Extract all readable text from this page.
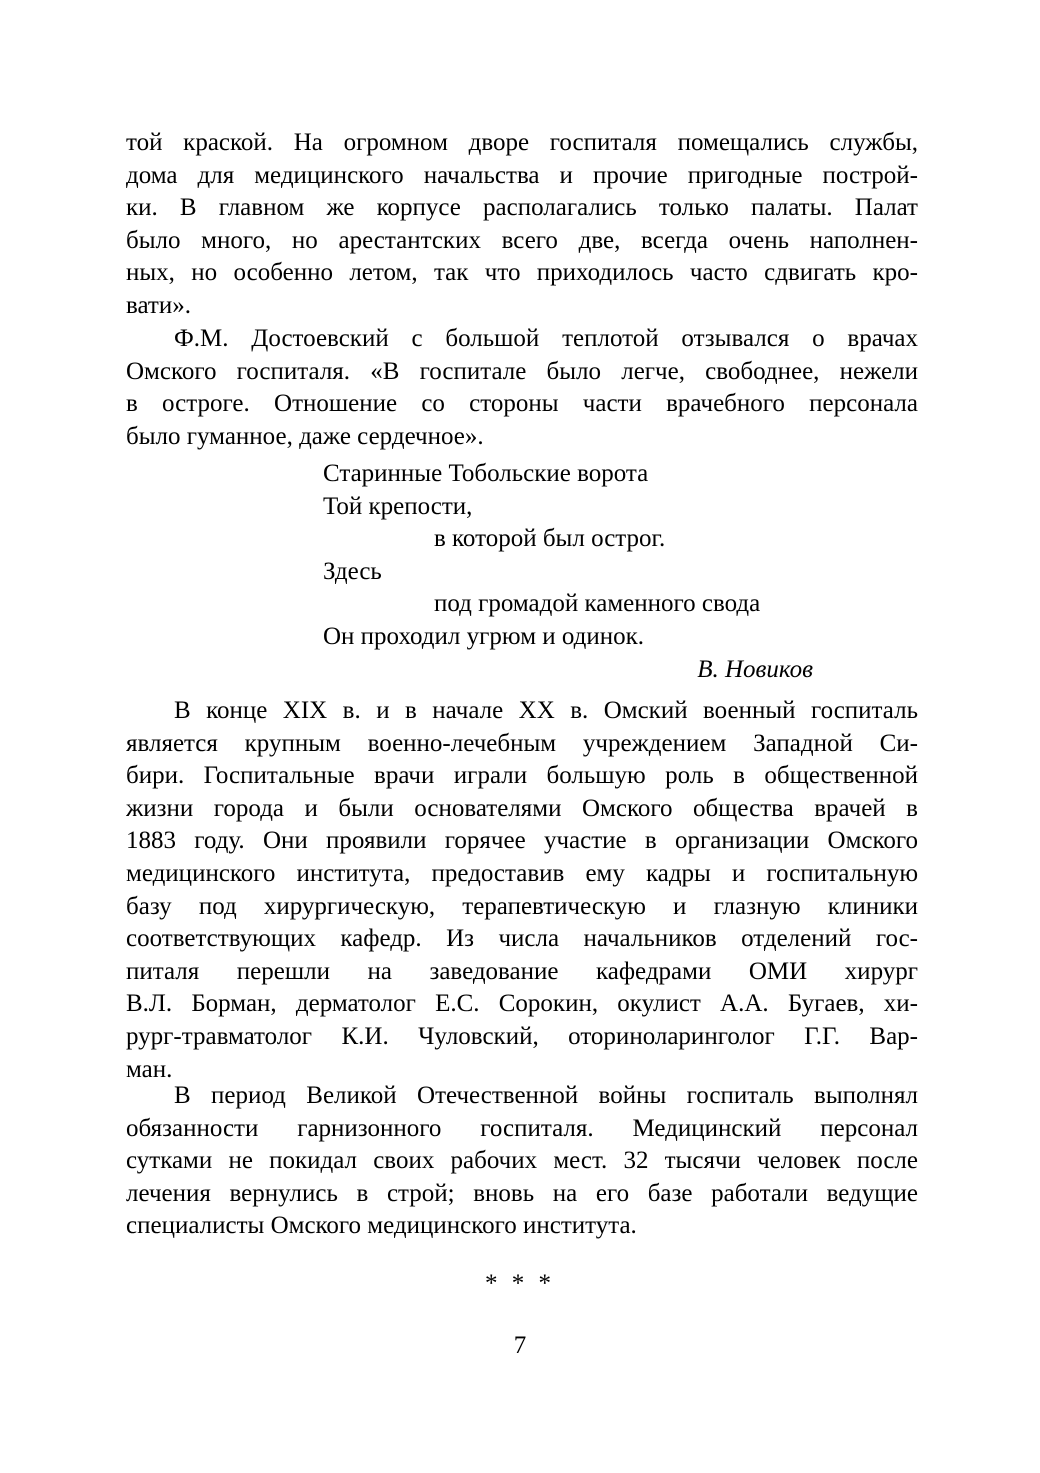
той краской. На огромном дворе госпиталя помещались службы,
дома для медицинского начальства и прочие пригодные построй-
ки. В главном же корпусе располагались только палаты. Палат
было много, но арестантских всего две, всегда очень наполнен-
ных, но особенно летом, так что приходилось часто сдвигать кро-
вати».
Ф.М. Достоевский с большой теплотой отзывался о врачах
Омского госпиталя. «В госпитале было легче, свободнее, нежели
в остроге. Отношение со стороны части врачебного персонала
было гуманное, даже сердечное».
Старинные Тобольские ворота
Той крепости,
в которой был острог.
Здесь
под громадой каменного свода
Он проходил угрюм и одинок.
В. Новиков
В конце XIX в. и в начале XX в. Омский военный госпиталь
является крупным военно-лечебным учреждением Западной Си-
бири. Госпитальные врачи играли большую роль в общественной
жизни города и были основателями Омского общества врачей в
1883 году. Они проявили горячее участие в организации Омского
медицинского института, предоставив ему кадры и госпитальную
базу под хирургическую, терапевтическую и глазную клиники
соответствующих кафедр. Из числа начальников отделений гос-
питаля перешли на заведование кафедрами ОМИ хирург
В.Л. Борман, дерматолог Е.С. Сорокин, окулист А.А. Бугаев, хи-
рург-травматолог К.И. Чуловский, оториноларинголог Г.Г. Вар-
ман.
В период Великой Отечественной войны госпиталь выполнял
обязанности гарнизонного госпиталя. Медицинский персонал
сутками не покидал своих рабочих мест. 32 тысячи человек после
лечения вернулись в строй; вновь на его базе работали ведущие
специалисты Омского медицинского института.
* * *
7
